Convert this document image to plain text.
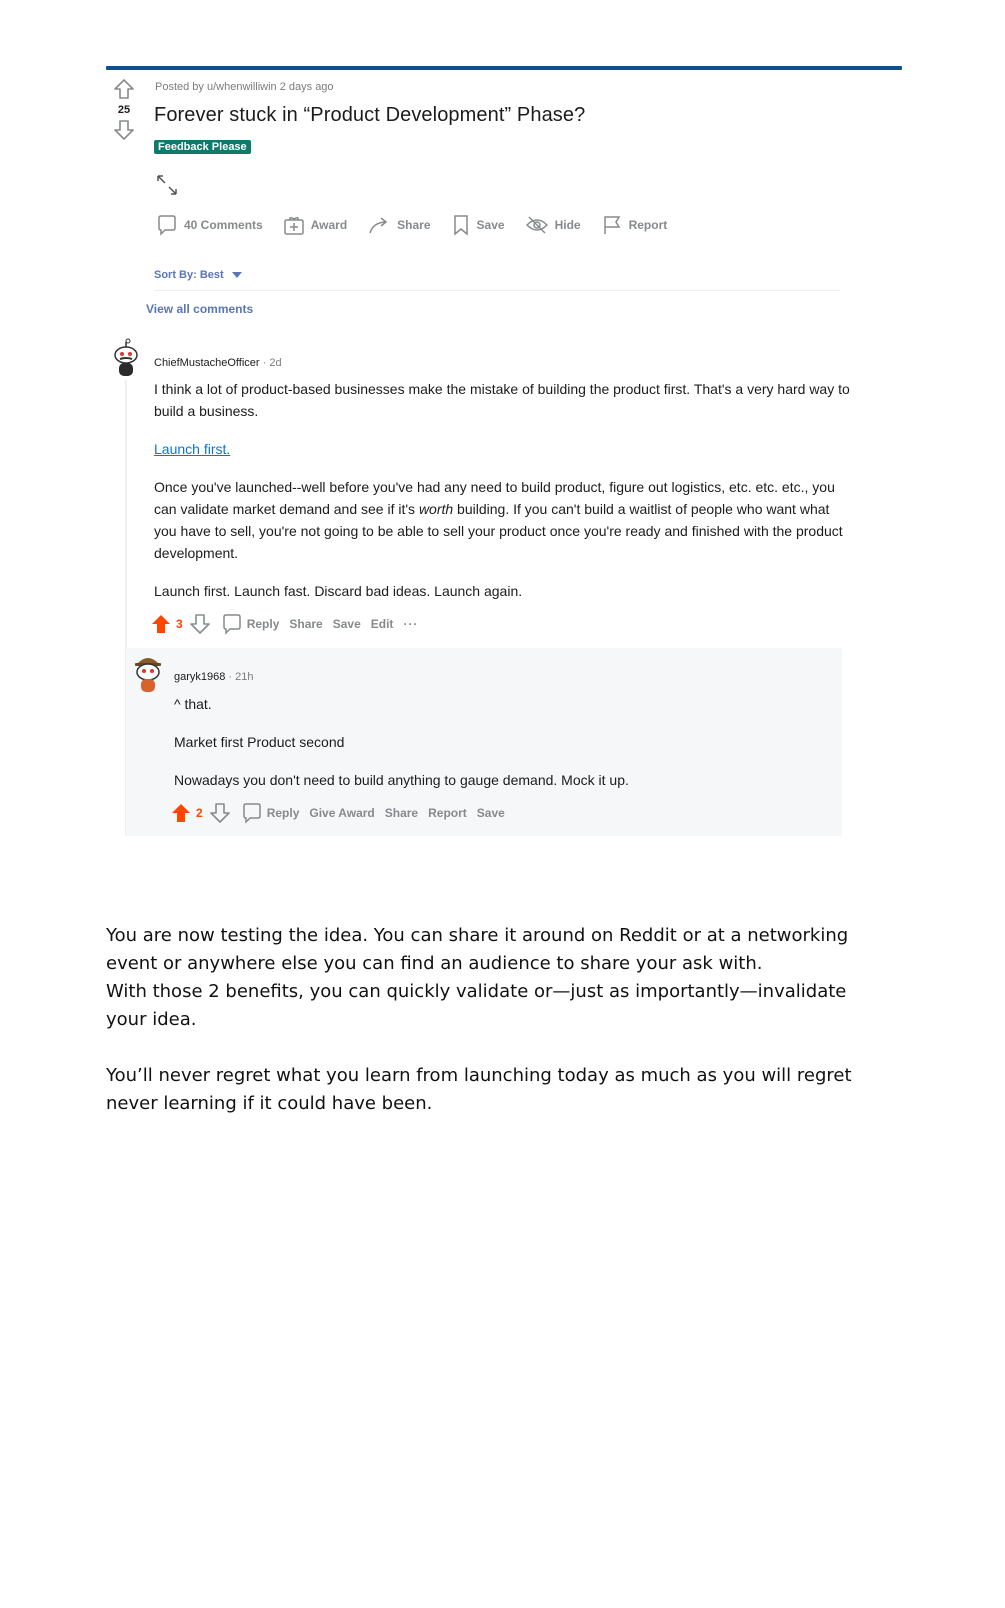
25
Posted by u/whenwilliwin 2 days ago
Forever stuck in “Product Development” Phase?
Feedback Please
40 Comments	Award	Share	Save	Hide	Report
Sort By: Best
View all comments
ChiefMustacheOfficer · 2d

I think a lot of product-based businesses make the mistake of building the product first. That's a very hard way to build a business.

Launch first.

Once you've launched--well before you've had any need to build product, figure out logistics, etc. etc. etc., you can validate market demand and see if it's worth building. If you can't build a waitlist of people who want what you have to sell, you're not going to be able to sell your product once you're ready and finished with the product development.

Launch first. Launch fast. Discard bad ideas. Launch again.

3	Reply Share Save Edit ···
garyk1968 · 21h

^ that.

Market first Product second

Nowadays you don't need to build anything to gauge demand. Mock it up.

2	Reply Give Award Share Report Save

You are now testing the idea. You can share it around on Reddit or at a networking event or anywhere else you can find an audience to share your ask with.

With those 2 benefits, you can quickly validate or—just as importantly—invalidate your idea.

You’ll never regret what you learn from launching today as much as you will regret never learning if it could have been.
